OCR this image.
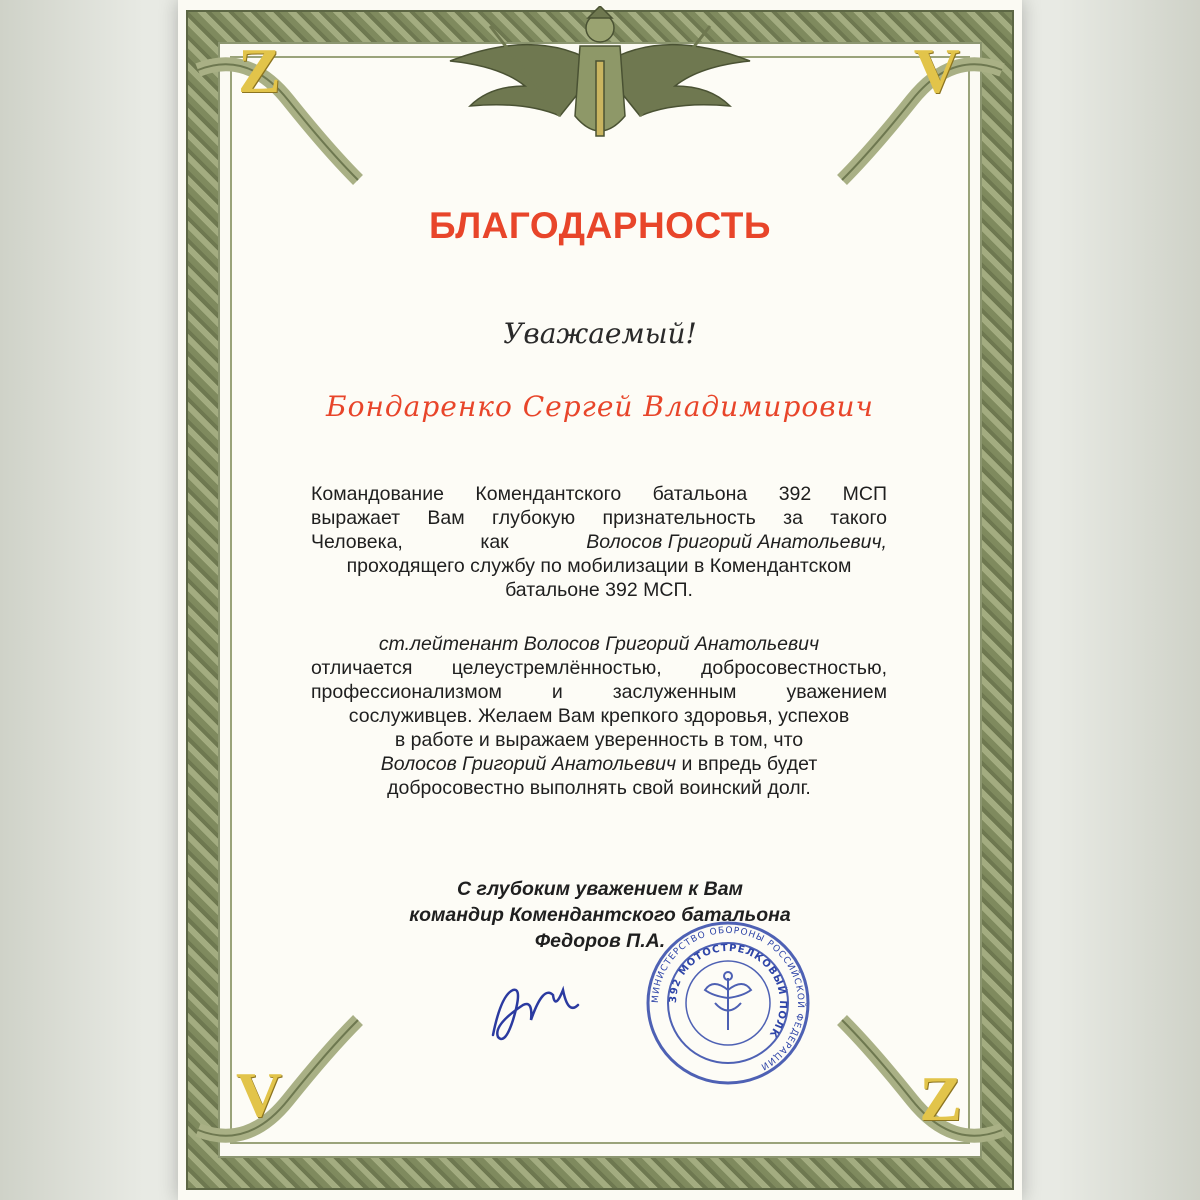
Z	V
V	Z
БЛАГОДАРНОСТЬ
Уважаемый!
Бондаренко Сергей Владимирович
Командование Комендантского батальона 392 МСП
выражает Вам глубокую признательность за такого
Человека,	как	Волосов Григорий Анатольевич,
проходящего службу по мобилизации в Комендантском
батальоне 392 МСП.
ст.лейтенант Волосов Григорий Анатольевич
отличается целеустремлённостью, добросовестностью,
профессионализмом	и	заслуженным	уважением
сослуживцев. Желаем Вам крепкого здоровья, успехов
в работе и выражаем уверенность в том, что
Волосов Григорий Анатольевич и впредь будет
добросовестно выполнять свой воинский долг.
С глубоким уважением к Вам
командир Комендантского батальона
Федоров П.А.
МИНИСТЕРСТВО ОБОРОНЫ РОССИЙСКОЙ ФЕДЕРАЦИИ
392 МОТОСТРЕЛКОВЫЙ ПОЛК
